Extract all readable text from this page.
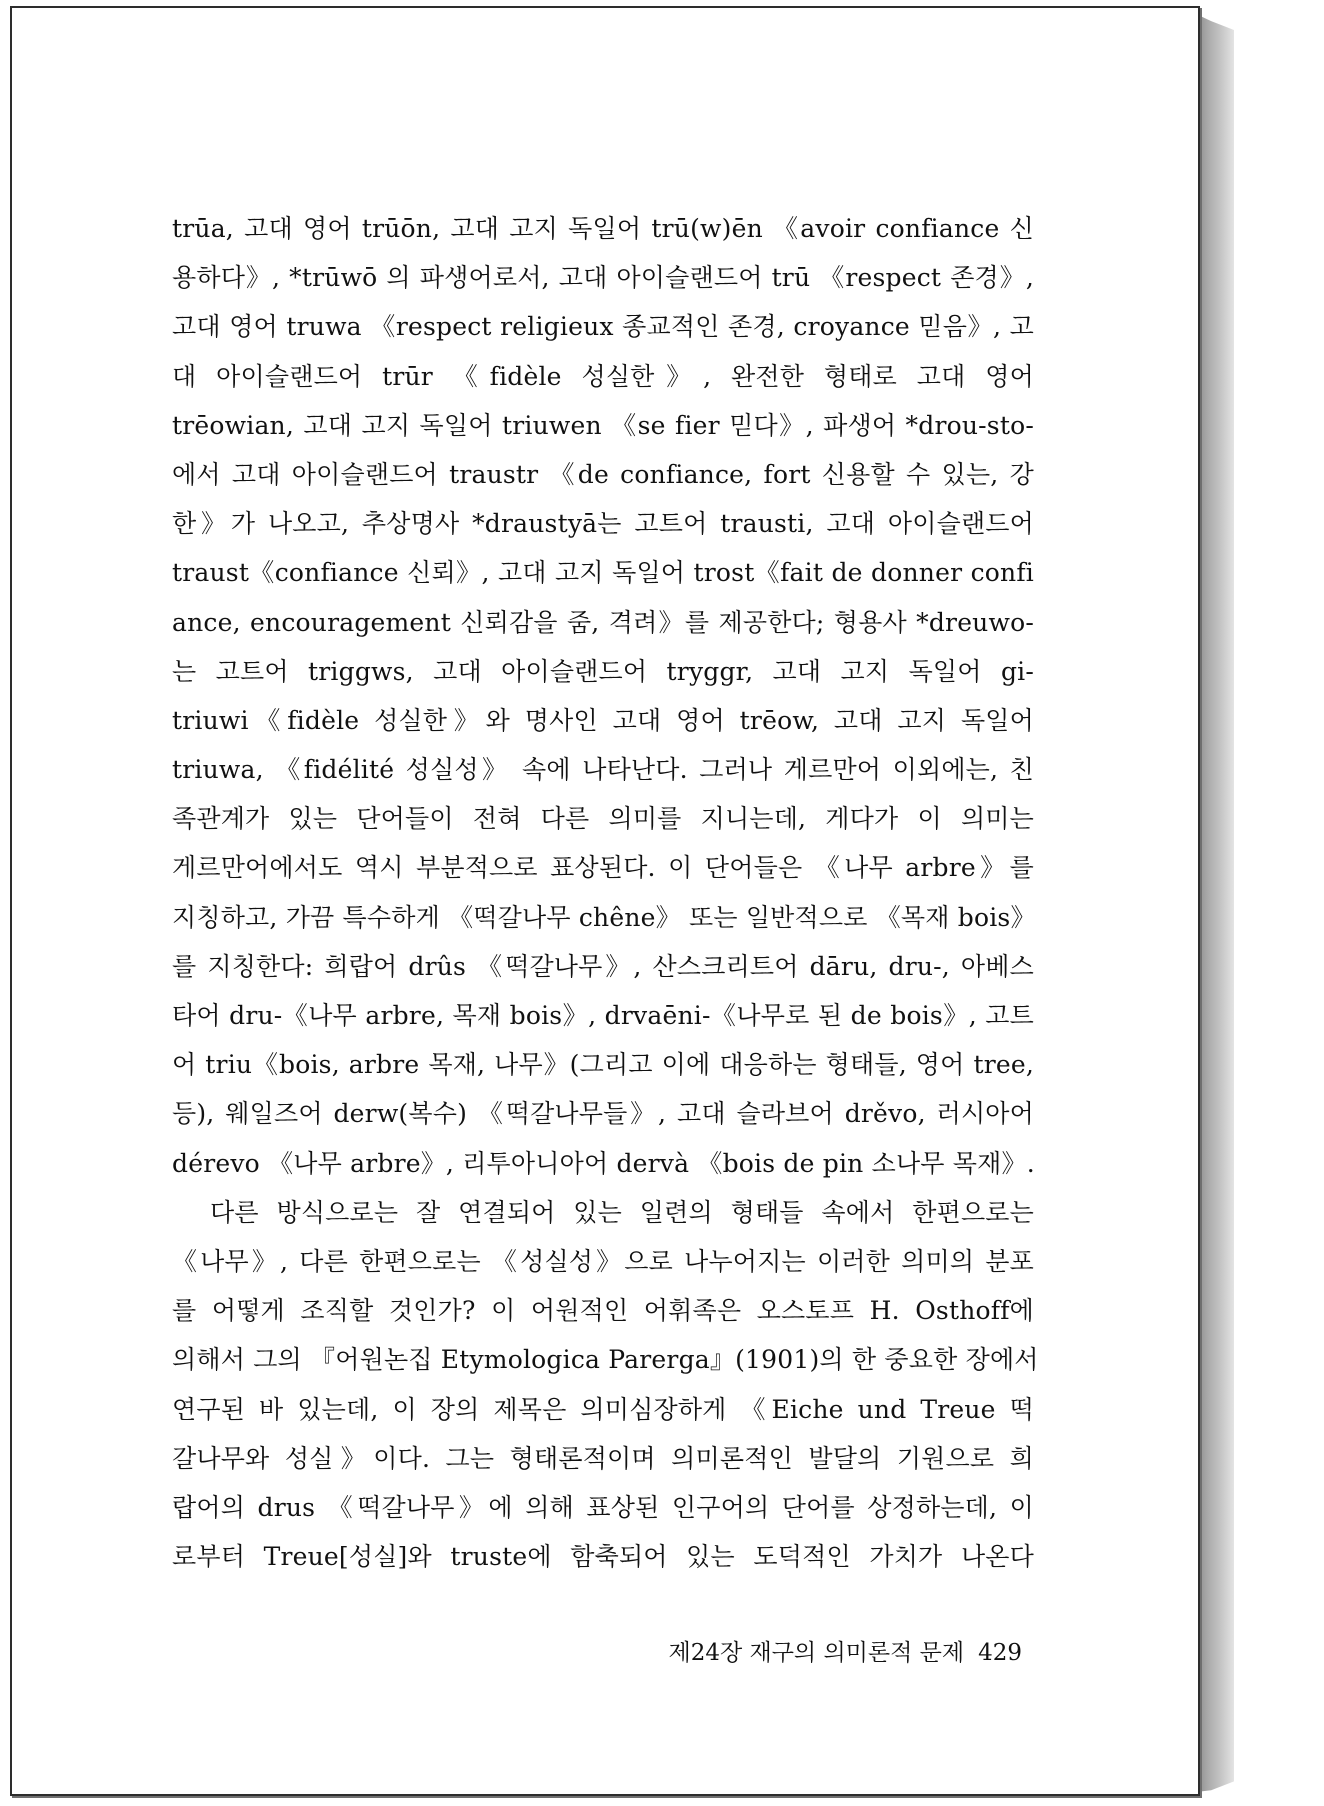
trūa, 고대 영어 trūōn, 고대 고지 독일어 trū(w)ēn 《avoir confiance 신
용하다》, *trūwō 의 파생어로서, 고대 아이슬랜드어 trū 《respect 존경》,
고대 영어 truwa 《respect religieux 종교적인 존경, croyance 믿음》, 고
대 아이슬랜드어 trūr 《fidèle 성실한》, 완전한 형태로 고대 영어
trēowian, 고대 고지 독일어 triuwen 《se fier 믿다》, 파생어 *drou-sto-
에서 고대 아이슬랜드어 traustr 《de confiance, fort 신용할 수 있는, 강
한》가 나오고, 추상명사 *draustyā는 고트어 trausti, 고대 아이슬랜드어
traust《confiance 신뢰》, 고대 고지 독일어 trost《fait de donner confi
ance, encouragement 신뢰감을 줌, 격려》를 제공한다; 형용사 *dreuwo-
는 고트어 triggws, 고대 아이슬랜드어 tryggr, 고대 고지 독일어 gi-
triuwi《fidèle 성실한》와 명사인 고대 영어 trēow, 고대 고지 독일어
triuwa, 《fidélité 성실성》 속에 나타난다. 그러나 게르만어 이외에는, 친
족관계가 있는 단어들이 전혀 다른 의미를 지니는데, 게다가 이 의미는
게르만어에서도 역시 부분적으로 표상된다. 이 단어들은 《나무 arbre》를
지칭하고, 가끔 특수하게 《떡갈나무 chêne》 또는 일반적으로 《목재 bois》
를 지칭한다: 희랍어 drûs 《떡갈나무》, 산스크리트어 dāru, dru-, 아베스
타어 dru-《나무 arbre, 목재 bois》, drvaēni-《나무로 된 de bois》, 고트
어 triu《bois, arbre 목재, 나무》(그리고 이에 대응하는 형태들, 영어 tree,
등), 웨일즈어 derw(복수) 《떡갈나무들》, 고대 슬라브어 drěvo, 러시아어
dérevo 《나무 arbre》, 리투아니아어 dervà 《bois de pin 소나무 목재》.
다른 방식으로는 잘 연결되어 있는 일련의 형태들 속에서 한편으로는
《나무》, 다른 한편으로는 《성실성》으로 나누어지는 이러한 의미의 분포
를 어떻게 조직할 것인가? 이 어원적인 어휘족은 오스토프 H. Osthoff에
의해서 그의 『어원논집 Etymologica Parerga』(1901)의 한 중요한 장에서
연구된 바 있는데, 이 장의 제목은 의미심장하게 《Eiche und Treue 떡
갈나무와 성실》이다. 그는 형태론적이며 의미론적인 발달의 기원으로 희
랍어의 drus 《떡갈나무》에 의해 표상된 인구어의 단어를 상정하는데, 이
로부터 Treue[성실]와 truste에 함축되어 있는 도덕적인 가치가 나온다
제24장 재구의 의미론적 문제 429
